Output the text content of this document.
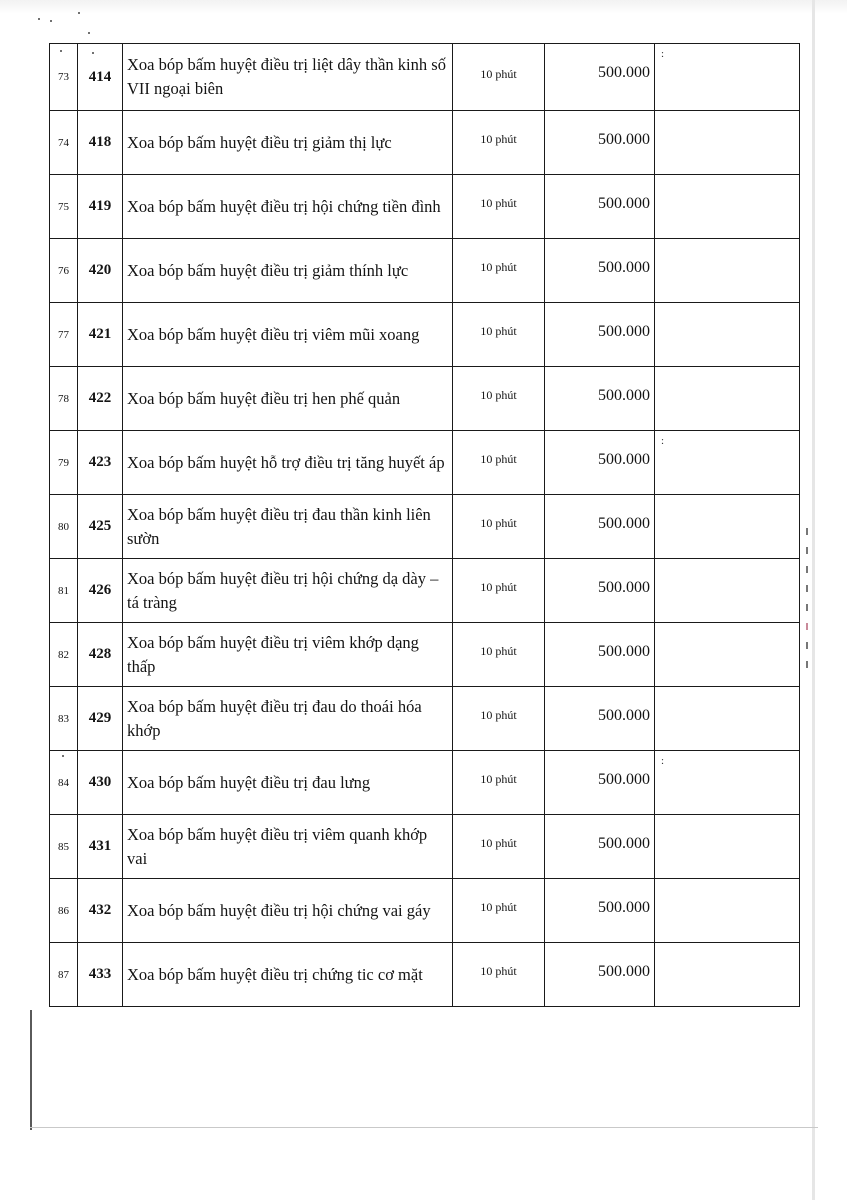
73	414	Xoa bóp bấm huyệt điều trị liệt dây thần kinh số VII ngoại biên	10 phút	500.000	:

74	418	Xoa bóp bấm huyệt điều trị giảm thị lực	10 phút	500.000	
75	419	Xoa bóp bấm huyệt điều trị hội chứng tiền đình	10 phút	500.000	
76	420	Xoa bóp bấm huyệt điều trị giảm thính lực	10 phút	500.000	
77	421	Xoa bóp bấm huyệt điều trị viêm mũi xoang	10 phút	500.000	
78	422	Xoa bóp bấm huyệt điều trị hen phế quản	10 phút	500.000	
79	423	Xoa bóp bấm huyệt hỗ trợ điều trị tăng huyết áp	10 phút	500.000	:

80	425	Xoa bóp bấm huyệt điều trị đau thần kinh liên sườn	10 phút	500.000	
81	426	Xoa bóp bấm huyệt điều trị hội chứng dạ dày – tá tràng	10 phút	500.000	
82	428	Xoa bóp bấm huyệt điều trị viêm khớp dạng thấp	10 phút	500.000	
83	429	Xoa bóp bấm huyệt điều trị đau do thoái hóa khớp	10 phút	500.000	
84	430	Xoa bóp bấm huyệt điều trị đau lưng	10 phút	500.000	:

85	431	Xoa bóp bấm huyệt điều trị viêm quanh khớp vai	10 phút	500.000	
86	432	Xoa bóp bấm huyệt điều trị hội chứng vai gáy	10 phút	500.000	
87	433	Xoa bóp bấm huyệt điều trị chứng tic cơ mặt	10 phút	500.000	
